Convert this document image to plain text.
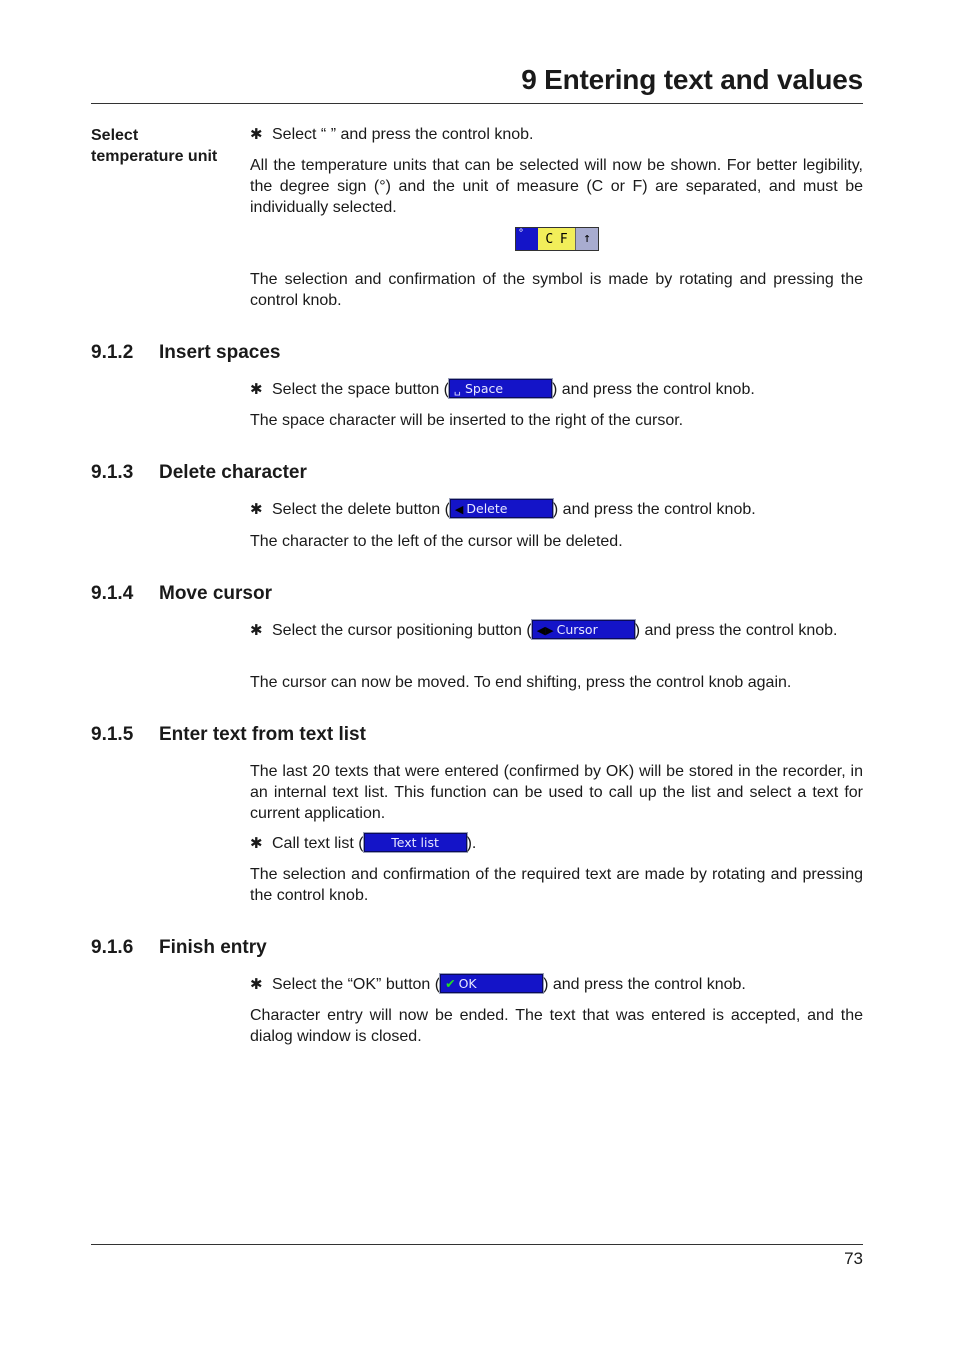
9 Entering text and values
Select temperature unit
✱ Select “ ” and press the control knob.

All the temperature units that can be selected will now be shown. For better legibility, the degree sign (°) and the unit of measure (C or F) are separated, and must be individually selected.

°	C F	↑

The selection and confirmation of the symbol is made by rotating and pressing the control knob.

9.1.2 Insert spaces
✱ Select the space button ( ␣ Space	) and press the control knob.

The space character will be inserted to the right of the cursor.

9.1.3 Delete character
✱ Select the delete button ( ◀ Delete	) and press the control knob.

The character to the left of the cursor will be deleted.

9.1.4 Move cursor
✱ Select the cursor positioning button ( ◀▶ Cursor ) and press the control knob.

The cursor can now be moved. To end shifting, press the control knob again.

9.1.5 Enter text from text list

The last 20 texts that were entered (confirmed by OK) will be stored in the recorder, in an internal text list. This function can be used to call up the list and select a text for current application.

✱ Call text list ( Text list ).

The selection and confirmation of the required text are made by rotating and pressing the control knob.

9.1.6 Finish entry
✱ Select the “OK” button ( ✔ OK	) and press the control knob.

Character entry will now be ended. The text that was entered is accepted, and the dialog window is closed.

73
